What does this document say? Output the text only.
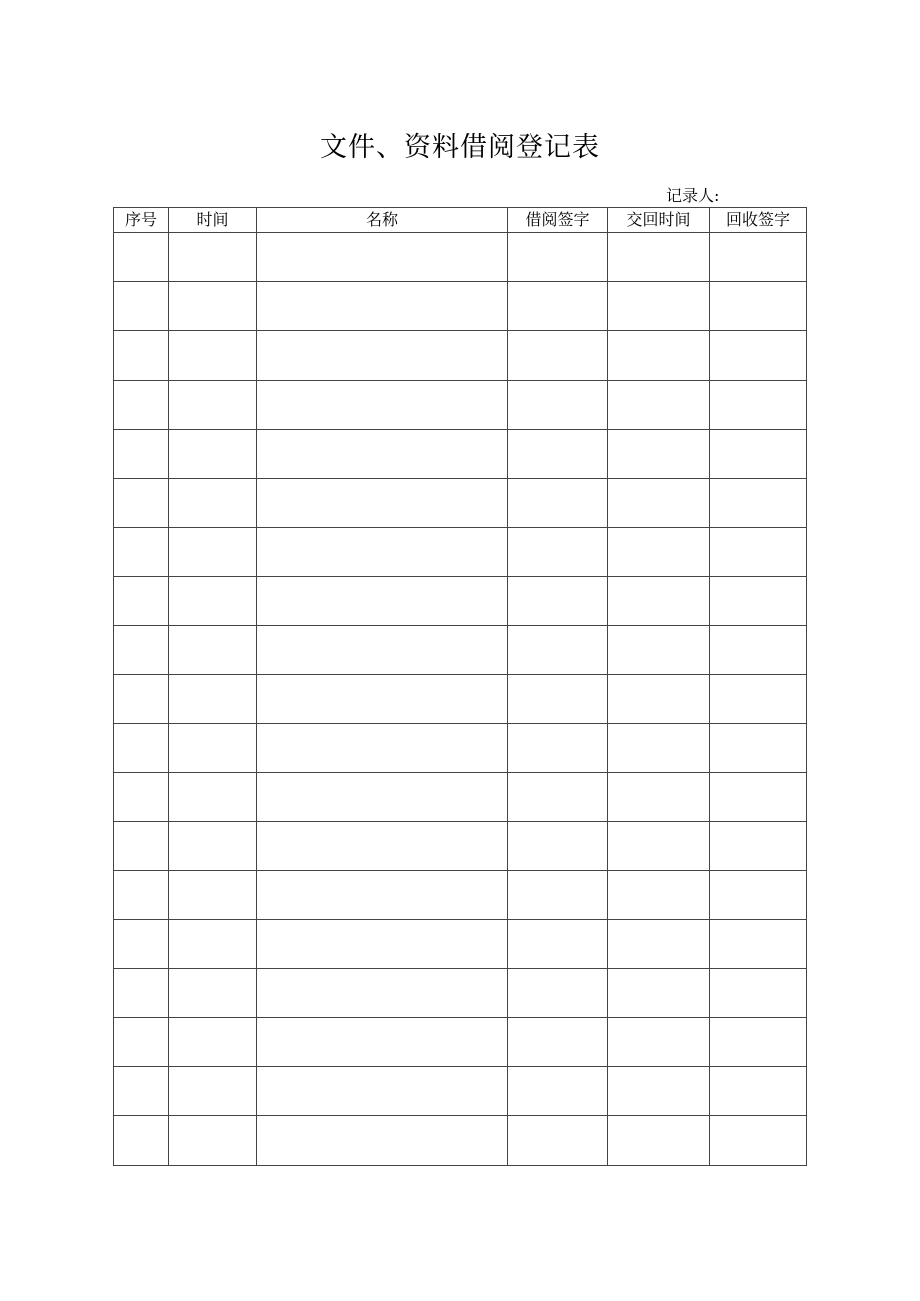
文件、资料借阅登记表
记录人:
序号	时间	名称	借阅签字	交回时间	回收签字
